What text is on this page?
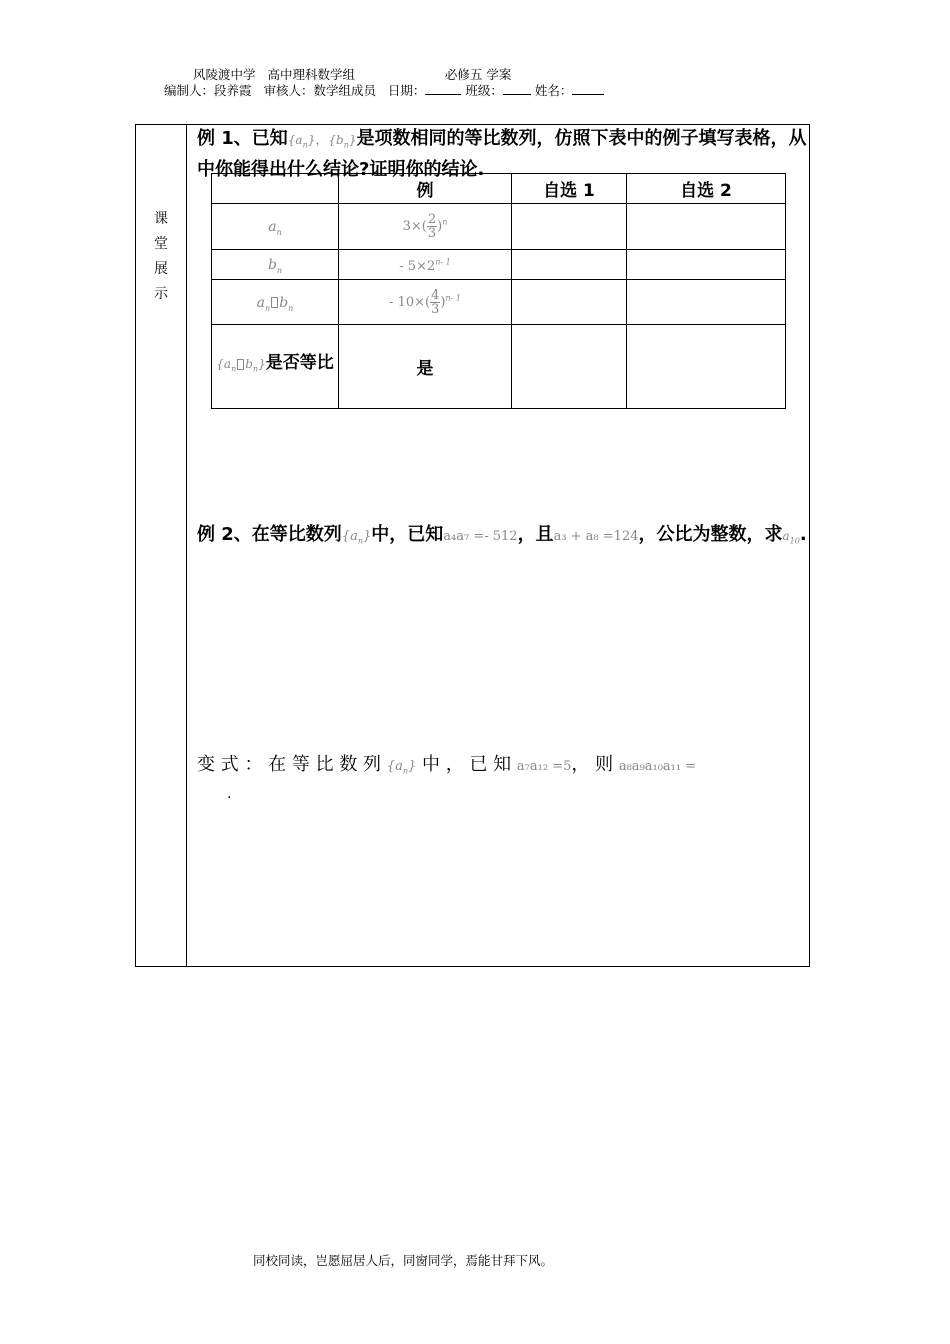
风陵渡中学 高中理科数学组	必修五 学案
编制人：段养霞 审核人：数学组成员 日期：	班级：	姓名：
课
堂
展
示
例 1、已知$\{a_n\}$，$\{b_n\}$是项数相同的等比数列，仿照下表中的例子填写表格，从中你能得出什么结论?证明你的结论.
	例	自选 1	自选 2
$a_n$	$3\times( \frac{2}{3} )^n$		
$b_n$	- $5\times 2^{n- 1}$		
$a_n$ $b_n$	- $10\times( \frac{4}{3} )^{n- 1}$		
{$a_n$ $b_n$}是否等比	是		
例 2、在等比数列$\{a_n\}$中，已知a₄a₇ =- 512，且a₃ + a₈ =124，公比为整数，求$a_{10}$.
变 式 ： 在 等 比 数 列 $\{a_n\}$ 中 ， 已 知 a₇a₁₂ =5， 则 a₈a₉a₁₀a₁₁ =
.
同校同读，岂愿屈居人后，同窗同学，焉能甘拜下风。
